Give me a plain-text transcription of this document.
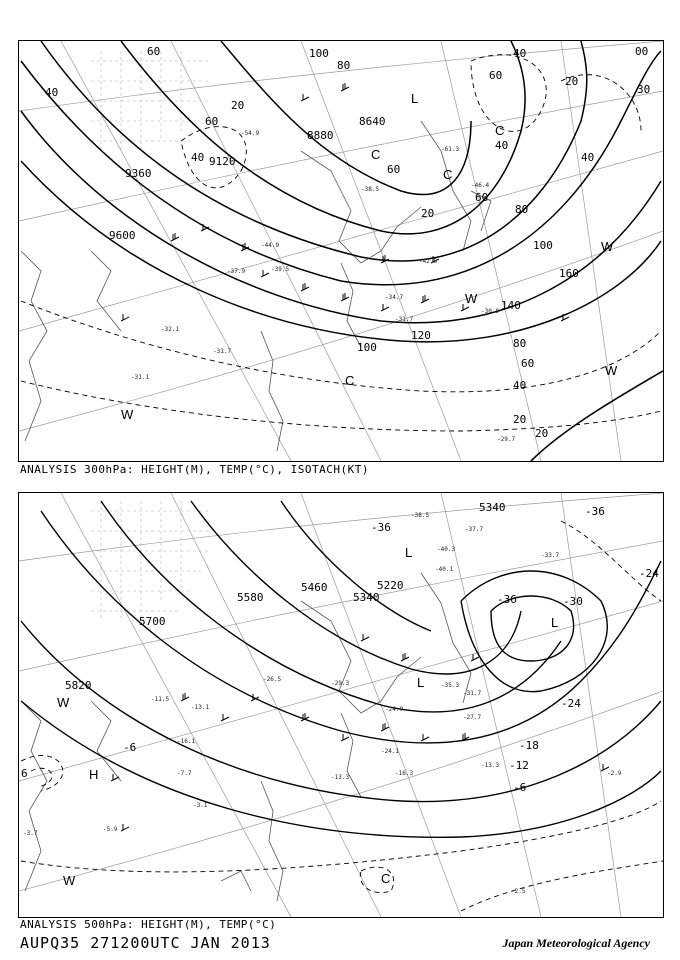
9600
9360
9120
8880
8640
20
40
60
40
60	100
80
60
20
60
80
40
40
60	20
40
00
30
100
160
140
120
100	80
60
40
20
20
-31.7
-31.1
-32.1
-30.9
-34.7
-31.7
-38.5
-61.3
-46.4
-42.5
-54.9
-44.9
-39.5
-37.9
-29.7
L
C
C
C
W
W
C
W
W
ANALYSIS 300hPa: HEIGHT(M), TEMP(°C), ISOTACH(KT)
5340
5340
5460
5580
5700
5820
5220
-36
-36
-36	-30
-24
-24
-18
-12
-6
-6
6
-40.3
-40.1
-35.3
-31.7
-27.7
-24.1
-16.3
-13.3
-13.3
-16.1
-13.1
-11.5
-7.7
-3.1
-5.9
-3.7
-2.5
-2.9
-29.3
-26.5
-24.9
-33.7
-37.7
-38.5
L
L
L
W
H
W	C
ANALYSIS 500hPa: HEIGHT(M), TEMP(°C)
AUPQ35 271200UTC JAN 2013	Japan Meteorological Agency
